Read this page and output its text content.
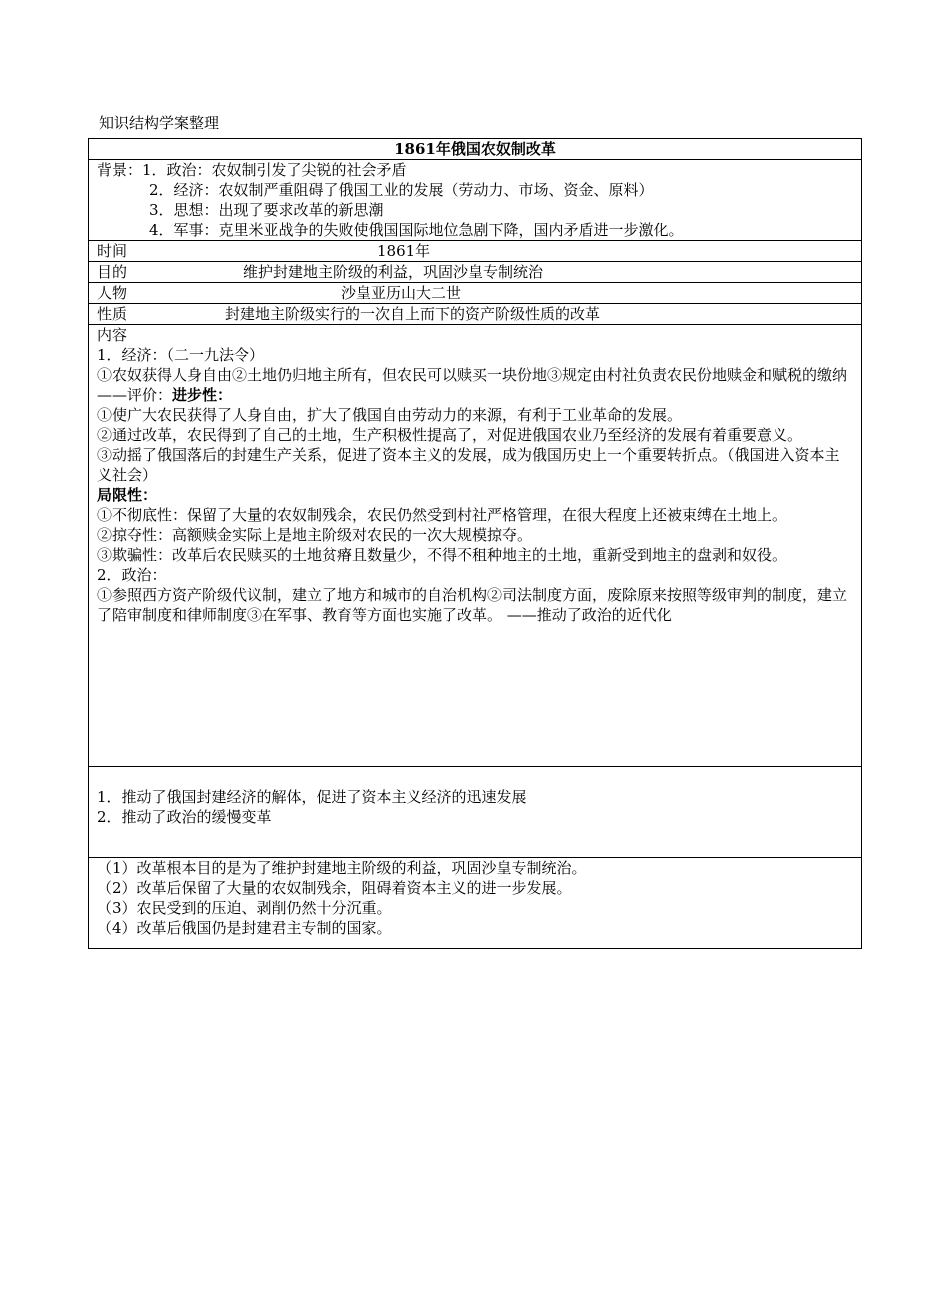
知识结构学案整理
1861年俄国农奴制改革

背景：1．政治：农奴制引发了尖锐的社会矛盾
2．经济：农奴制严重阻碍了俄国工业的发展（劳动力、市场、资金、原料）
3．思想：出现了要求改革的新思潮
4．军事：克里米亚战争的失败使俄国国际地位急剧下降，国内矛盾进一步激化。

时间	1861年
目的	维护封建地主阶级的利益，巩固沙皇专制统治
人物	沙皇亚历山大二世
性质	封建地主阶级实行的一次自上而下的资产阶级性质的改革

内容

1．经济：（二一九法令）

①农奴获得人身自由②土地仍归地主所有，但农民可以赎买一块份地③规定由村社负责农民份地赎金和赋税的缴纳

——评价：进步性：

①使广大农民获得了人身自由，扩大了俄国自由劳动力的来源，有利于工业革命的发展。

②通过改革，农民得到了自己的土地，生产积极性提高了，对促进俄国农业乃至经济的发展有着重要意义。

③动摇了俄国落后的封建生产关系，促进了资本主义的发展，成为俄国历史上一个重要转折点。（俄国进入资本主义社会）

局限性：

①不彻底性：保留了大量的农奴制残余，农民仍然受到村社严格管理，在很大程度上还被束缚在土地上。

②掠夺性：高额赎金实际上是地主阶级对农民的一次大规模掠夺。

③欺骗性：改革后农民赎买的土地贫瘠且数量少，不得不租种地主的土地，重新受到地主的盘剥和奴役。

2．政治：

①参照西方资产阶级代议制，建立了地方和城市的自治机构②司法制度方面，废除原来按照等级审判的制度，建立了陪审制度和律师制度③在军事、教育等方面也实施了改革。 ——推动了政治的近代化

1．推动了俄国封建经济的解体，促进了资本主义经济的迅速发展

2．推动了政治的缓慢变革

（1）改革根本目的是为了维护封建地主阶级的利益，巩固沙皇专制统治。

（2）改革后保留了大量的农奴制残余，阻碍着资本主义的进一步发展。

（3）农民受到的压迫、剥削仍然十分沉重。

（4）改革后俄国仍是封建君主专制的国家。
